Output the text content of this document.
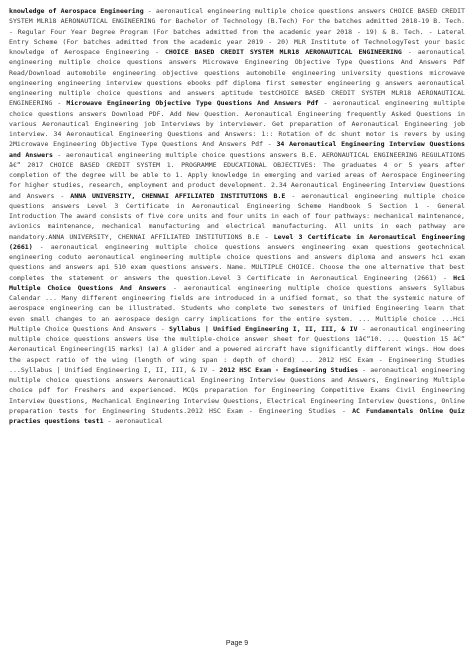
knowledge of Aerospace Engineering - aeronautical engineering multiple choice questions answers CHOICE BASED CREDIT SYSTEM MLR18 AERONAUTICAL ENGINEERING for Bachelor of Technology (B.Tech) For the batches admitted 2018-19 B. Tech. - Regular Four Year Degree Program (For batches admitted from the academic year 2018 - 19) & B. Tech. - Lateral Entry Scheme (For batches admitted from the academic year 2019 - 20) MLR Institute of TechnologyTest your basic knowledge of Aerospace Engineering - CHOICE BASED CREDIT SYSTEM MLR18 AERONAUTICAL ENGINEERING - aeronautical engineering multiple choice questions answers Microwave Engineering Objective Type Questions And Answers Pdf Read/Download automobile engineering objective questions automobile engineering university questions microwave engineering engineering interview questions ebooks pdf diploma first semester engineering g answers aeronautical engineering multiple choice questions and answers aptitude testCHOICE BASED CREDIT SYSTEM MLR18 AERONAUTICAL ENGINEERING - Microwave Engineering Objective Type Questions And Answers Pdf - aeronautical engineering multiple choice questions answers Download PDF. Add New Question. Aeronautical Engineering frequently Asked Questions in various Aeronautical Engineering job Interviews by interviewer. Get preparation of Aeronautical Engineering job interview. 34 Aeronautical Engineering Questions and Answers: 1:: Rotation of dc shunt motor is revers by using 2Microwave Engineering Objective Type Questions And Answers Pdf - 34 Aeronautical Engineering Interview Questions and Answers - aeronautical engineering multiple choice questions answers B.E. AERONAUTICAL ENGINEERING REGULATIONS â€“ 2017 CHOICE BASED CREDIT SYSTEM 1. PROGRAMME EDUCATIONAL OBJECTIVES: The graduates 4 or 5 years after completion of the degree will be able to 1. Apply knowledge in emerging and varied areas of Aerospace Engineering for higher studies, research, employment and product development. 2.34 Aeronautical Engineering Interview Questions and Answers - ANNA UNIVERSITY, CHENNAI AFFILIATED INSTITUTIONS B.E - aeronautical engineering multiple choice questions answers Level 3 Certificate in Aeronautical Engineering Scheme Handbook 5 Section 1 - General Introduction The award consists of five core units and four units in each of four pathways: mechanical maintenance, avionics maintenance, mechanical manufacturing and electrical manufacturing. All units in each pathway are mandatory.ANNA UNIVERSITY, CHENNAI AFFILIATED INSTITUTIONS B.E - Level 3 Certificate in Aeronautical Engineering (2661) - aeronautical engineering multiple choice questions answers engineering exam questions geotechnical engineering coduto aeronautical engineering multiple choice questions and answers diploma and answers hci exam questions and answers api 510 exam questions answers. Name. MULTIPLE CHOICE. Choose the one alternative that best completes the statement or answers the question.Level 3 Certificate in Aeronautical Engineering (2661) - Hci Multiple Choice Questions And Answers - aeronautical engineering multiple choice questions answers Syllabus Calendar ... Many different engineering fields are introduced in a unified format, so that the systemic nature of aerospace engineering can be illustrated. Students who complete two semesters of Unified Engineering learn that even small changes to an aerospace design carry implications for the entire system. ... Multiple choice ...Hci Multiple Choice Questions And Answers - Syllabus | Unified Engineering I, II, III, & IV - aeronautical engineering multiple choice questions answers Use the multiple-choice answer sheet for Questions 1â€“10. ... Question 15 â€“ Aeronautical Engineering(15 marks) (a) A glider and a powered aircraft have significantly different wings. How does the aspect ratio of the wing (length of wing span : depth of chord) ... 2012 HSC Exam - Engineering Studies ...Syllabus | Unified Engineering I, II, III, & IV - 2012 HSC Exam - Engineering Studies - aeronautical engineering multiple choice questions answers Aeronautical Engineering Interview Questions and Answers, Engineering Multiple choice pdf for Freshers and experienced. MCQs preparation for Engineering Competitive Exams Civil Engineering Interview Questions, Mechanical Engineering Interview Questions, Electrical Engineering Interview Questions, Online preparation tests for Engineering Students.2012 HSC Exam - Engineering Studies - AC Fundamentals Online Quiz practies questions test1 - aeronautical
Page 9
